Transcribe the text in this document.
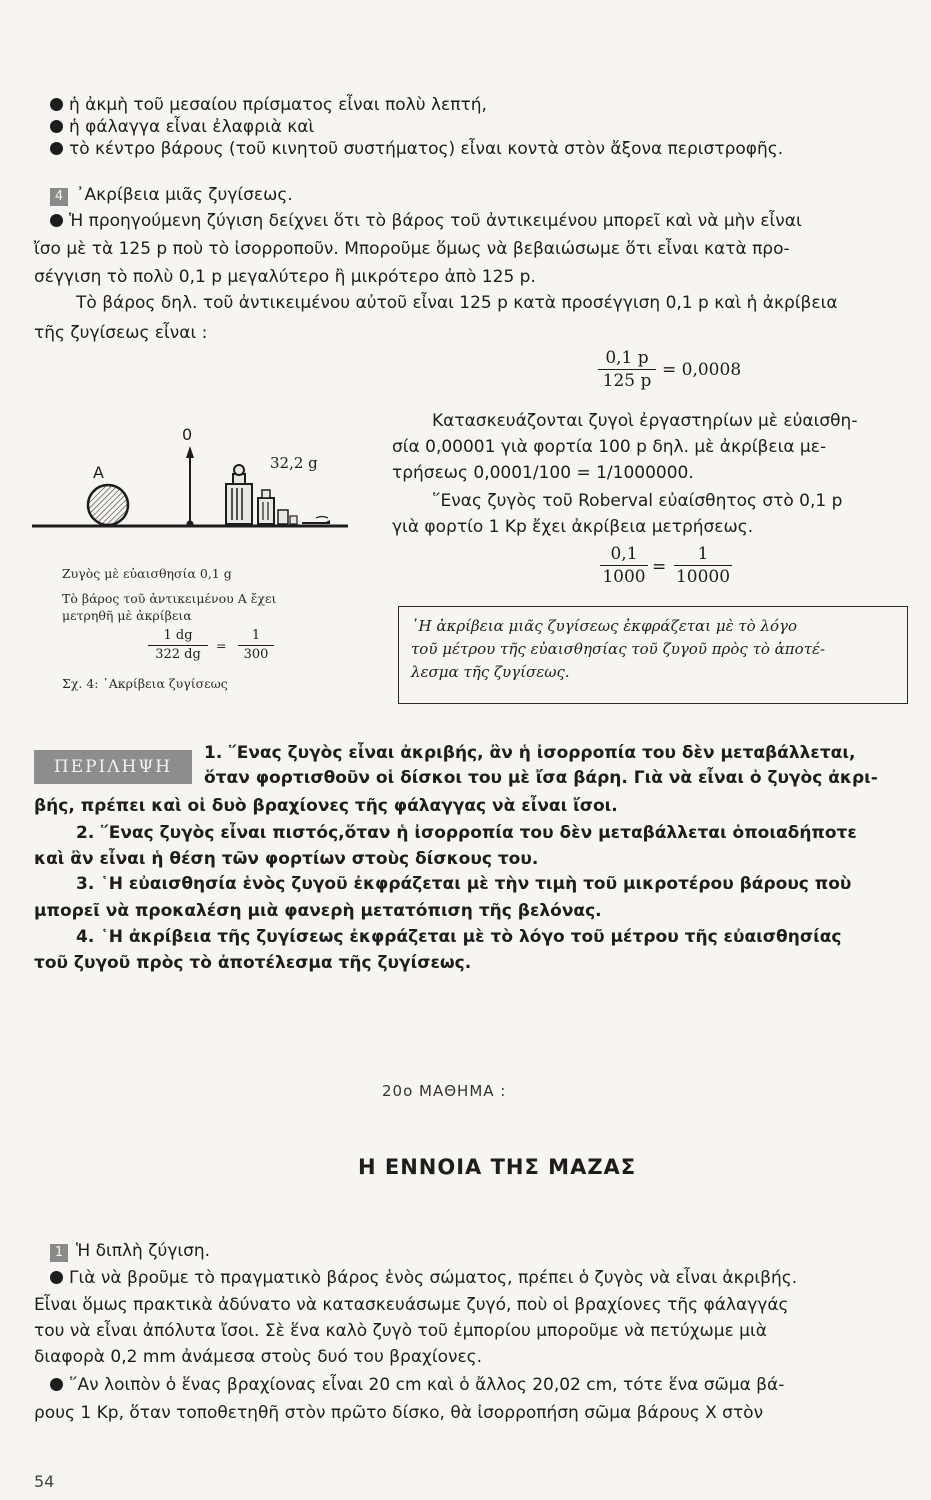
ἡ ἀκμὴ τοῦ μεσαίου πρίσματος εἶναι πολὺ λεπτή,
ἡ φάλαγγα εἶναι ἐλαφριὰ καὶ
τὸ κέντρο βάρους (τοῦ κινητοῦ συστήματος) εἶναι κοντὰ στὸν ἄξονα περιστροφῆς.
4 ᾽Ακρίβεια μιᾶς ζυγίσεως.
Ἡ προηγούμενη ζύγιση δείχνει ὅτι τὸ βάρος τοῦ ἀντικειμένου μπορεῖ καὶ νὰ μὴν εἶναι
ἴσο μὲ τὰ 125 p ποὺ τὸ ἰσορροποῦν. Μποροῦμε ὅμως νὰ βεβαιώσωμε ὅτι εἶναι κατὰ προ-
σέγγιση τὸ πολὺ 0,1 p μεγαλύτερο ἢ μικρότερο ἀπὸ 125 p.
Τὸ βάρος δηλ. τοῦ ἀντικειμένου αὐτοῦ εἶναι 125 p κατὰ προσέγγιση 0,1 p καὶ ἡ ἀκρίβεια
τῆς ζυγίσεως εἶναι :
0,1 p
125 p
= 0,0008
Κατασκευάζονται ζυγοὶ ἐργαστηρίων μὲ εὐαισθη-
σία 0,00001 γιὰ φορτία 100 p δηλ. μὲ ἀκρίβεια με-
τρήσεως 0,0001/100 = 1/1000000.
῞Ενας ζυγὸς τοῦ Roberval εὐαίσθητος στὸ 0,1 p
γιὰ φορτίο 1 Kp ἔχει ἀκρίβεια μετρήσεως.
0,1
1000 =
1
10000
῾Η ἀκρίβεια μιᾶς ζυγίσεως ἐκφράζεται μὲ τὸ λόγο
τοῦ μέτρου τῆς εὐαισθησίας τοῦ ζυγοῦ πρὸς τὸ ἀποτέ-
λεσμα τῆς ζυγίσεως.
0
A	32,2 g
Ζυγὸς μὲ εὐαισθησία 0,1 g
Τὸ βάρος τοῦ ἀντικειμένου Α ἔχει
μετρηθῆ μὲ ἀκρίβεια
1 dg
322 dg
=
1
300
Σχ. 4: ᾽Ακρίβεια ζυγίσεως
ΠΕΡΙΛΗΨΗ
1. ῞Ενας ζυγὸς εἶναι ἀκριβής, ἂν ἡ ἰσορροπία του δὲν μεταβάλλεται,
ὅταν φορτισθοῦν οἱ δίσκοι του μὲ ἴσα βάρη. Γιὰ νὰ εἶναι ὁ ζυγὸς ἀκρι-
βής, πρέπει καὶ οἱ δυὸ βραχίονες τῆς φάλαγγας νὰ εἶναι ἴσοι.
2. ῞Ενας ζυγὸς εἶναι πιστός,ὅταν ἡ ἰσορροπία του δὲν μεταβάλλεται ὁποιαδήποτε
καὶ ἂν εἶναι ἡ θέση τῶν φορτίων στοὺς δίσκους του.
3. ῾Η εὐαισθησία ἑνὸς ζυγοῦ ἐκφράζεται μὲ τὴν τιμὴ τοῦ μικροτέρου βάρους ποὺ
μπορεῖ νὰ προκαλέση μιὰ φανερὴ μετατόπιση τῆς βελόνας.
4. ῾Η ἀκρίβεια τῆς ζυγίσεως ἐκφράζεται μὲ τὸ λόγο τοῦ μέτρου τῆς εὐαισθησίας
τοῦ ζυγοῦ πρὸς τὸ ἀποτέλεσμα τῆς ζυγίσεως.
20ο ΜΑΘΗΜΑ :
Η ΕΝΝΟΙΑ ΤΗΣ ΜΑΖΑΣ
1 Ἡ διπλὴ ζύγιση.
Γιὰ νὰ βροῦμε τὸ πραγματικὸ βάρος ἑνὸς σώματος, πρέπει ὁ ζυγὸς νὰ εἶναι ἀκριβής.
Εἶναι ὅμως πρακτικὰ ἀδύνατο νὰ κατασκευάσωμε ζυγό, ποὺ οἱ βραχίονες τῆς φάλαγγάς
του νὰ εἶναι ἀπόλυτα ἴσοι. Σὲ ἕνα καλὸ ζυγὸ τοῦ ἐμπορίου μποροῦμε νὰ πετύχωμε μιὰ
διαφορὰ 0,2 mm ἀνάμεσα στοὺς δυό του βραχίονες.
῞Αν λοιπὸν ὁ ἕνας βραχίονας εἶναι 20 cm καὶ ὁ ἄλλος 20,02 cm, τότε ἕνα σῶμα βά-
ρους 1 Kp, ὅταν τοποθετηθῆ στὸν πρῶτο δίσκο, θὰ ἰσορροπήση σῶμα βάρους Χ στὸν
54
